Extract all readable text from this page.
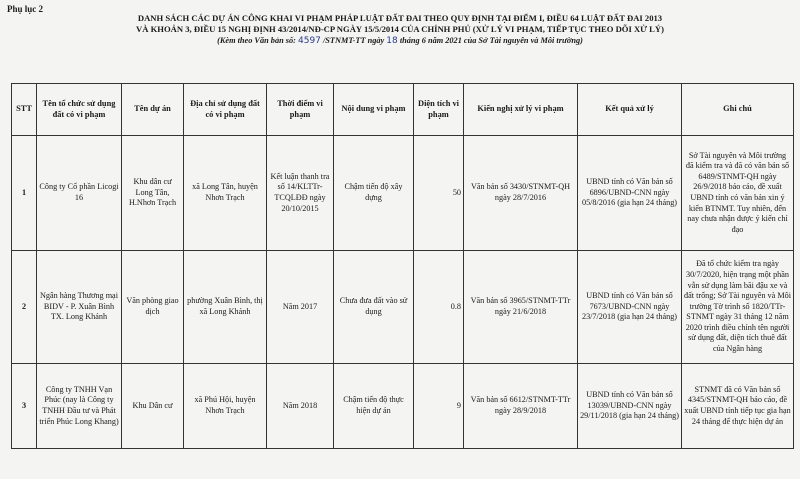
Phụ lục 2
DANH SÁCH CÁC DỰ ÁN CÔNG KHAI VI PHẠM PHÁP LUẬT ĐẤT ĐAI THEO QUY ĐỊNH TẠI ĐIỂM I, ĐIỀU 64 LUẬT ĐẤT ĐAI 2013
VÀ KHOẢN 3, ĐIỀU 15 NGHỊ ĐỊNH 43/2014/NĐ-CP NGÀY 15/5/2014 CỦA CHÍNH PHỦ (XỬ LÝ VI PHẠM, TIẾP TỤC THEO DÕI XỬ LÝ)
(Kèm theo Văn bản số: 4597 /STNMT-TT ngày 18 tháng 6 năm 2021 của Sở Tài nguyên và Môi trường)
STT	Tên tổ chức sử dụng đất có vi phạm	Tên dự án	Địa chỉ sử dụng đất có vi phạm	Thời điểm vi phạm	Nội dung vi phạm	Diện tích vi phạm	Kiến nghị xử lý vi phạm	Kết quả xử lý	Ghi chú
1	Công ty Cổ phần Licogi 16	Khu dân cư Long Tân, H.Nhơn Trạch	xã Long Tân, huyện Nhơn Trạch	Kết luận thanh tra số 14/KLTTr-TCQLĐĐ ngày 20/10/2015	Chậm tiến độ xây dựng	50	Văn bản số 3430/STNMT-QH ngày 28/7/2016	UBND tỉnh có Văn bản số 6896/UBND-CNN ngày 05/8/2016 (gia hạn 24 tháng)	Sở Tài nguyên và Môi trường đã kiểm tra và đã có văn bản số 6489/STNMT-QH ngày 26/9/2018 báo cáo, đề xuất UBND tỉnh có văn bản xin ý kiến BTNMT. Tuy nhiên, đến nay chưa nhận được ý kiến chỉ đạo
2	Ngân hàng Thương mại BIDV - P. Xuân Bình TX. Long Khánh	Văn phòng giao dịch	phường Xuân Bình, thị xã Long Khánh	Năm 2017	Chưa đưa đất vào sử dụng	0.8	Văn bản số 3965/STNMT-TTr ngày 21/6/2018	UBND tỉnh có Văn bản số 7673/UBND-CNN ngày 23/7/2018 (gia hạn 24 tháng)	Đã tổ chức kiểm tra ngày 30/7/2020, hiện trạng một phần vẫn sử dụng làm bãi đậu xe và đất trống; Sở Tài nguyên và Môi trường Tờ trình số 1820/TTr-STNMT ngày 31 tháng 12 năm 2020 trình điều chỉnh tên người sử dụng đất, diện tích thuê đất của Ngân hàng
3	Công ty TNHH Vạn Phúc (nay là Công ty TNHH Đầu tư và Phát triển Phúc Long Khang)	Khu Dân cư	xã Phú Hội, huyện Nhơn Trạch	Năm 2018	Chậm tiến độ thực hiện dự án	9	Văn bản số 6612/STNMT-TTr ngày 28/9/2018	UBND tỉnh có Văn bản số 13039/UBND-CNN ngày 29/11/2018 (gia hạn 24 tháng)	STNMT đã có Văn bản số 4345/STNMT-QH báo cáo, đề xuất UBND tỉnh tiếp tục gia hạn 24 tháng để thực hiện dự án
